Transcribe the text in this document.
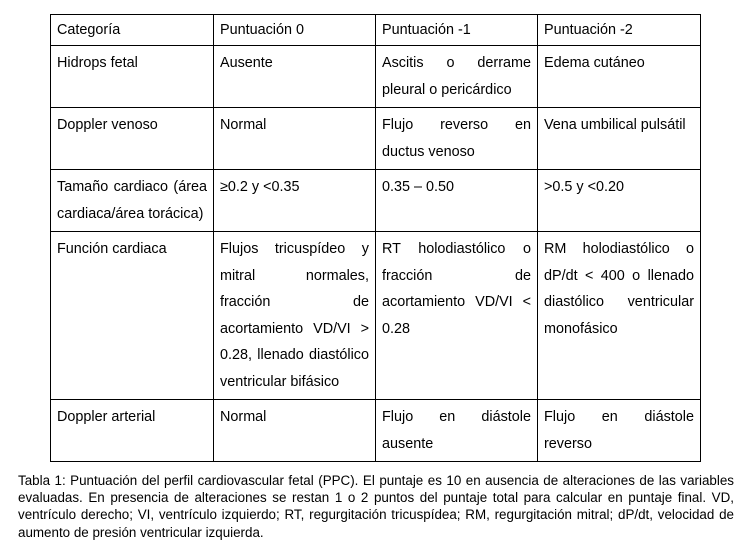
Categoría	Puntuación 0	Puntuación -1	Puntuación -2
Hidrops fetal	Ausente	Ascitis o derrame pleural o pericárdico	Edema cutáneo
Doppler venoso	Normal	Flujo reverso en ductus venoso	Vena umbilical pulsátil
Tamaño cardiaco (área cardiaca/área torácica)	≥0.2 y <0.35	0.35 – 0.50	>0.5 y <0.20
Función cardiaca	Flujos tricuspídeo y mitral normales, fracción de acortamiento VD/VI > 0.28, llenado diastólico ventricular bifásico	RT holodiastólico o fracción de acortamiento VD/VI < 0.28	RM holodiastólico o dP/dt < 400 o llenado diastólico ventricular monofásico
Doppler arterial	Normal	Flujo en diástole ausente	Flujo en diástole reverso
Tabla 1: Puntuación del perfil cardiovascular fetal (PPC). El puntaje es 10 en ausencia de alteraciones de las variables evaluadas. En presencia de alteraciones se restan 1 o 2 puntos del puntaje total para calcular en puntaje final. VD, ventrículo derecho; VI, ventrículo izquierdo; RT, regurgitación tricuspídea; RM, regurgitación mitral; dP/dt, velocidad de aumento de presión ventricular izquierda.
